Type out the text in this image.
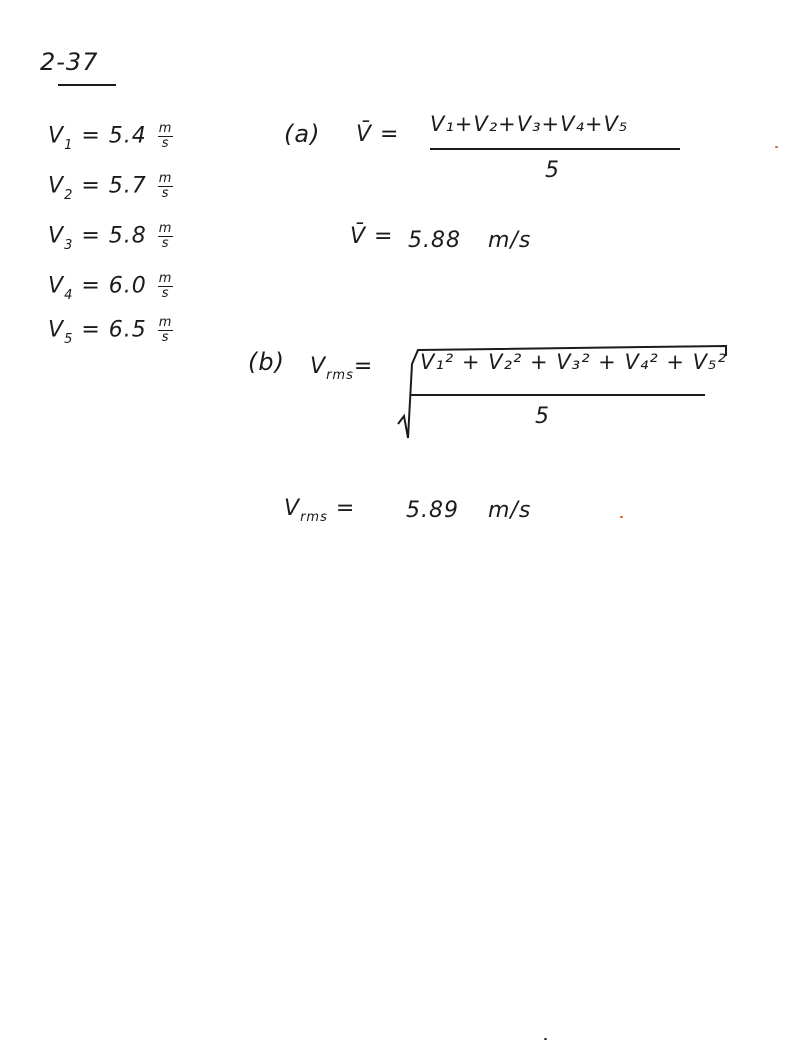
2-37
$V_1 = 5.4 \frac{m}{s}$
$V_2 = 5.7 \frac{m}{s}$
$V_3 = 5.8 \frac{m}{s}$
$V_4 = 6.0 \frac{m}{s}$
$V_5 = 6.5 \frac{m}{s}$
(a) V̄ = V₁+V₂+V₃+V₄+V₅
5
V̄ = 5.88 m/s
(b) $V_{rms}= V_1^2 + V_2^2 + V_3^2 + V_4^2 + V_5^2$
5
$V_{rms} = 5.89$ m/s
